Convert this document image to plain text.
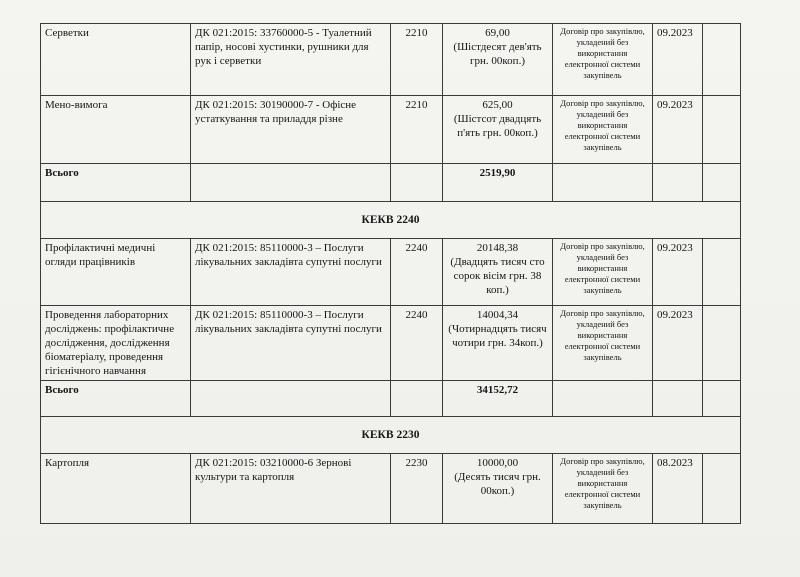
Серветки	ДК 021:2015: 33760000-5 - Туалетний папір, носові хустинки, рушники для рук і серветки	2210	69,00
(Шістдесят дев'ять грн. 00коп.)	Договір про закупівлю, укладений без використання електронної системи закупівель	09.2023	
Мено-вимога	ДК 021:2015: 30190000-7 - Офісне устаткування та приладдя різне	2210	625,00
(Шістсот двадцять п'ять грн. 00коп.)	Договір про закупівлю, укладений без використання електронної системи закупівель	09.2023	
Всього			2519,90			
КЕКВ 2240						
Профілактичні медичні огляди працівників	ДК 021:2015: 85110000-3 – Послуги лікувальних закладівта супутні послуги	2240	20148,38
(Двадцять тисяч сто сорок вісім грн. 38 коп.)	Договір про закупівлю, укладений без використання електронної системи закупівель	09.2023	
Проведення лабораторних досліджень: профілактичне дослідження, дослідження біоматеріалу, проведення гігієнічного навчання	ДК 021:2015: 85110000-3 – Послуги лікувальних закладівта супутні послуги	2240	14004,34
(Чотирнадцять тисяч чотири грн. 34коп.)	Договір про закупівлю, укладений без використання електронної системи закупівель	09.2023	
Всього			34152,72			
КЕКВ 2230						
Картопля	ДК 021:2015: 03210000-6 Зернові культури та картопля	2230	10000,00
(Десять тисяч грн. 00коп.)	Договір про закупівлю, укладений без використання електронної системи закупівель	08.2023	
